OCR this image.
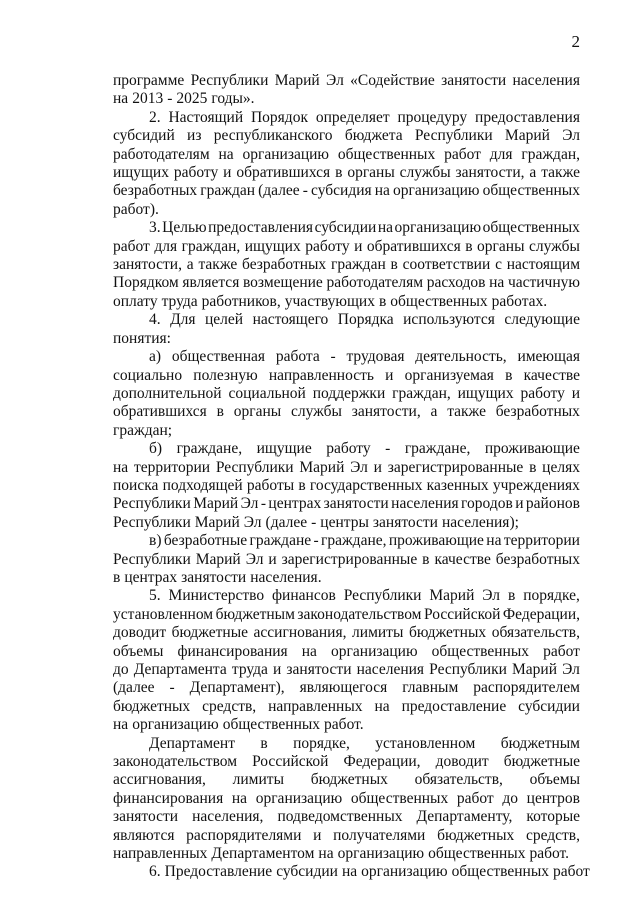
2
программе Республики Марий Эл «Содействие занятости населения
на 2013 - 2025 годы».
2. Настоящий Порядок определяет процедуру предоставления
субсидий из республиканского бюджета Республики Марий Эл
работодателям на организацию общественных работ для граждан,
ищущих работу и обратившихся в органы службы занятости, а также
безработных граждан (далее - субсидия на организацию общественных
работ).
3. Целью предоставления субсидии на организацию общественных
работ для граждан, ищущих работу и обратившихся в органы службы
занятости, а также безработных граждан в соответствии с настоящим
Порядком является возмещение работодателям расходов на частичную
оплату труда работников, участвующих в общественных работах.
4. Для целей настоящего Порядка используются следующие
понятия:
а) общественная работа - трудовая деятельность, имеющая
социально полезную направленность и организуемая в качестве
дополнительной социальной поддержки граждан, ищущих работу и
обратившихся в органы службы занятости, а также безработных
граждан;
б) граждане, ищущие работу - граждане, проживающие
на территории Республики Марий Эл и зарегистрированные в целях
поиска подходящей работы в государственных казенных учреждениях
Республики Марий Эл - центрах занятости населения городов и районов
Республики Марий Эл (далее - центры занятости населения);
в) безработные граждане - граждане, проживающие на территории
Республики Марий Эл и зарегистрированные в качестве безработных
в центрах занятости населения.
5. Министерство финансов Республики Марий Эл в порядке,
установленном бюджетным законодательством Российской Федерации,
доводит бюджетные ассигнования, лимиты бюджетных обязательств,
объемы финансирования на организацию общественных работ
до Департамента труда и занятости населения Республики Марий Эл
(далее - Департамент), являющегося главным распорядителем
бюджетных средств, направленных на предоставление субсидии
на организацию общественных работ.
Департамент в порядке, установленном бюджетным
законодательством Российской Федерации, доводит бюджетные
ассигнования, лимиты бюджетных обязательств, объемы
финансирования на организацию общественных работ до центров
занятости населения, подведомственных Департаменту, которые
являются распорядителями и получателями бюджетных средств,
направленных Департаментом на организацию общественных работ.
6. Предоставление субсидии на организацию общественных работ
